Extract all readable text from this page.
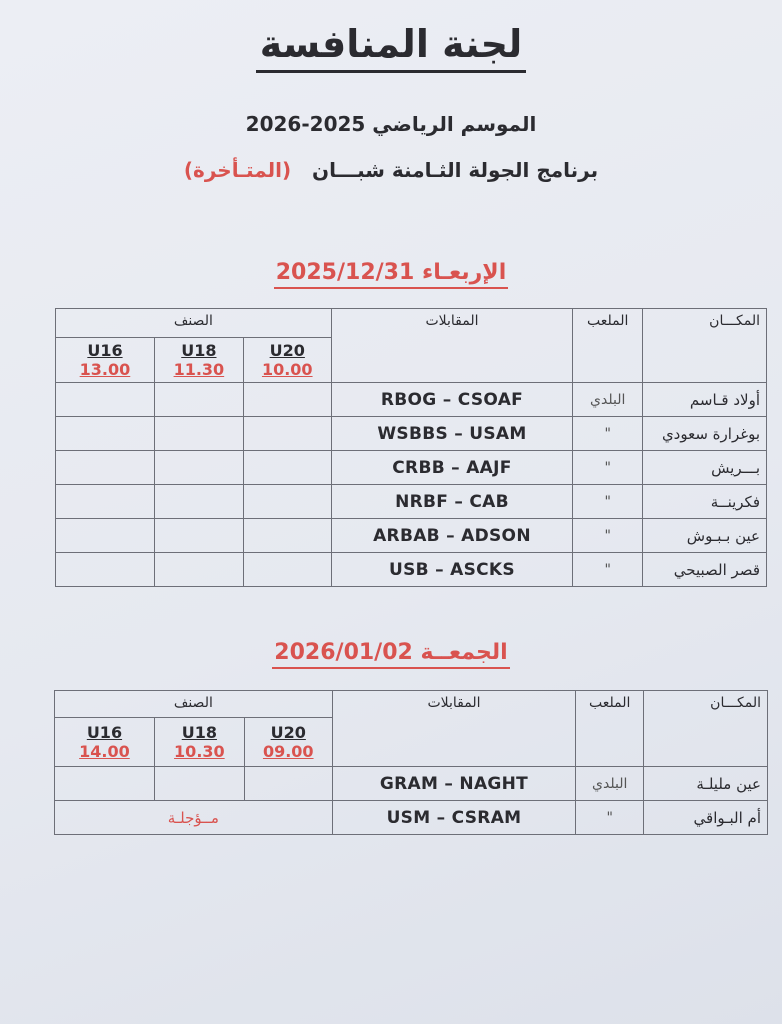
لجنة المنافسة
الموسم الرياضي 2025-2026
برنامج الجولة الثـامنة شبـــان   (المتـأخرة)
الإربعـاء 2025/12/31
المكـــان	الملعب	المقابلات	الصنف		

			U20
10.00	U18
11.30	U16
13.00

أولاد قـاسم	البلدي	RBOG – CSOAF			
بوغرارة سعودي	"	WSBBS – USAM			
بـــريش	"	CRBB – AAJF			
فكرينــة	"	NRBF – CAB			
عين بـبـوش	"	ARBAB – ADSON			
قصر الصبيحي	"	USB – ASCKS			
الجمعــة 2026/01/02
المكـــان	الملعب	المقابلات	الصنف		

			U20
09.00	U18
10.30	U16
14.00

عين مليلـة	البلدي	GRAM – NAGHT			
أم البـواقي	"	USM – CSRAM	مــؤجلـة		
